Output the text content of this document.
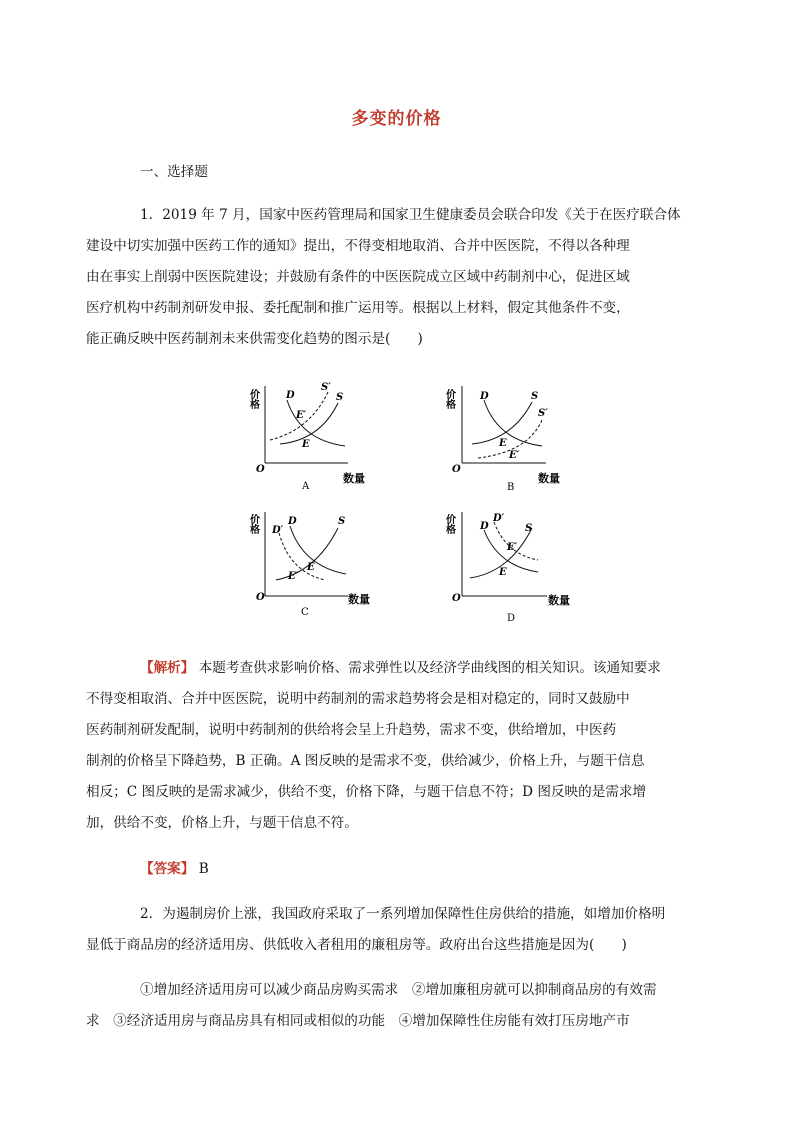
多变的价格
一、选择题
1．2019 年 7 月，国家中医药管理局和国家卫生健康委员会联合印发《关于在医疗联合体
建设中切实加强中医药工作的通知》提出，不得变相地取消、合并中医医院，不得以各种理
由在事实上削弱中医医院建设；并鼓励有条件的中医医院成立区域中药制剂中心，促进区域
医疗机构中药制剂研发申报、委托配制和推广运用等。根据以上材料，假定其他条件不变，
能正确反映中医药制剂未来供需变化趋势的图示是(　　)
价格
数量
O
D	S
S′
E
E′
A
价格
数量
O
D	S
S′
E
E′
B
价格
数量
O
D
D′
S
E
E′
C
价格
数量
O
D
D′
S
E
E′
D
【解析】 本题考查供求影响价格、需求弹性以及经济学曲线图的相关知识。该通知要求
不得变相取消、合并中医医院，说明中药制剂的需求趋势将会是相对稳定的，同时又鼓励中
医药制剂研发配制，说明中药制剂的供给将会呈上升趋势，需求不变，供给增加，中医药
制剂的价格呈下降趋势，B 正确。A 图反映的是需求不变，供给减少，价格上升，与题干信息
相反；C 图反映的是需求减少，供给不变，价格下降，与题干信息不符；D 图反映的是需求增
加，供给不变，价格上升，与题干信息不符。
【答案】 B
2．为遏制房价上涨，我国政府采取了一系列增加保障性住房供给的措施，如增加价格明
显低于商品房的经济适用房、供低收入者租用的廉租房等。政府出台这些措施是因为(　　)
①增加经济适用房可以减少商品房购买需求　②增加廉租房就可以抑制商品房的有效需
求　③经济适用房与商品房具有相同或相似的功能　④增加保障性住房能有效打压房地产市
